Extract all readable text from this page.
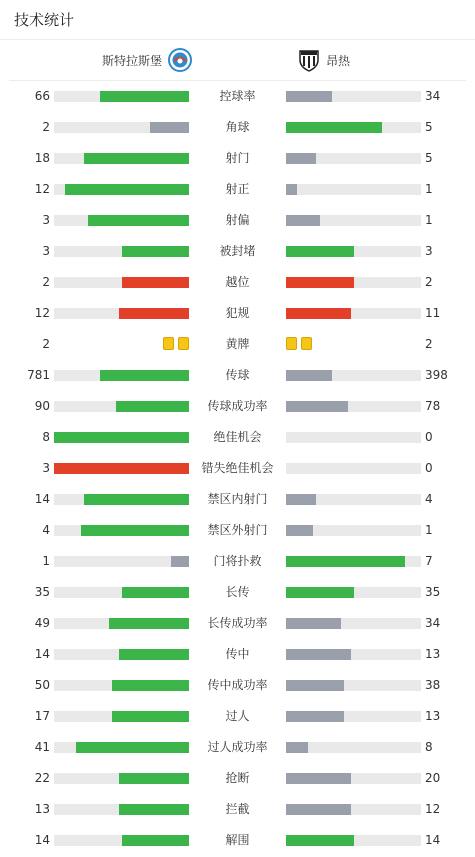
技术统计
斯特拉斯堡	昂热
66	控球率	34
2	角球	5
18	射门	5
12	射正	1
3	射偏	1
3	被封堵	3
2	越位	2
12	犯规	11
2	黄牌	2
781	传球	398
90	传球成功率	78
8	绝佳机会	0
3	错失绝佳机会	0
14	禁区内射门	4
4	禁区外射门	1
1	门将扑救	7
35	长传	35
49	长传成功率	34
14	传中	13
50	传中成功率	38
17	过人	13
41	过人成功率	8
22	抢断	20
13	拦截	12
14	解围	14
